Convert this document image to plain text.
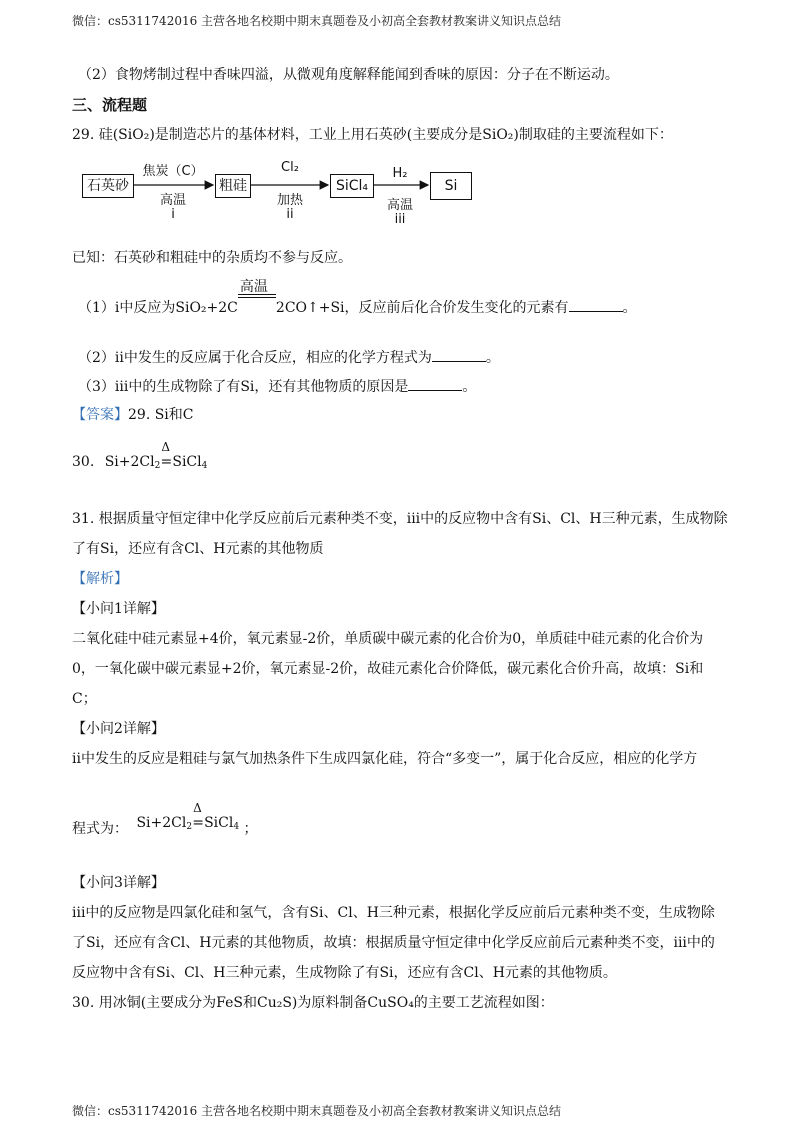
微信：cs5311742016 主营各地名校期中期末真题卷及小初高全套教材教案讲义知识点总结
微信：cs5311742016 主营各地名校期中期末真题卷及小初高全套教材教案讲义知识点总结
（2）食物烤制过程中香味四溢，从微观角度解释能闻到香味的原因：分子在不断运动。
三、流程题
29. 硅(SiO₂)是制造芯片的基体材料，工业上用石英砂(主要成分是SiO₂)制取硅的主要流程如下：
石英砂	粗硅	SiCl₄	Si
焦炭（C）
高温
i
Cl₂
加热
ii
H₂
高温
iii
已知：石英砂和粗硅中的杂质均不参与反应。
（1）i中反应为SiO₂+2C
高温
2CO↑+Si，反应前后化合价发生变化的元素有	。
（2）ii中发生的反应属于化合反应，相应的化学方程式为	。
（3）iii中的生成物除了有Si，还有其他物质的原因是	。
【答案】29. Si和C
30. $Si+2Cl_2$
Δ
=SiCl$_4$
31. 根据质量守恒定律中化学反应前后元素种类不变，iii中的反应物中含有Si、Cl、H三种元素，生成物除
了有Si，还应有含Cl、H元素的其他物质
【解析】
【小问1详解】
二氧化硅中硅元素显+4价，氧元素显-2价，单质碳中碳元素的化合价为0，单质硅中硅元素的化合价为
0，一氧化碳中碳元素显+2价，氧元素显-2价，故硅元素化合价降低，碳元素化合价升高，故填：Si和
C；
【小问2详解】
ii中发生的反应是粗硅与氯气加热条件下生成四氯化硅，符合“多变一”，属于化合反应，相应的化学方
程式为： $Si+2Cl_2$
Δ
=SiCl$_4$ ；
【小问3详解】
iii中的反应物是四氯化硅和氢气，含有Si、Cl、H三种元素，根据化学反应前后元素种类不变，生成物除
了Si，还应有含Cl、H元素的其他物质，故填：根据质量守恒定律中化学反应前后元素种类不变，iii中的
反应物中含有Si、Cl、H三种元素，生成物除了有Si，还应有含Cl、H元素的其他物质。
30. 用冰铜(主要成分为FeS和Cu₂S)为原料制备CuSO₄的主要工艺流程如图：
